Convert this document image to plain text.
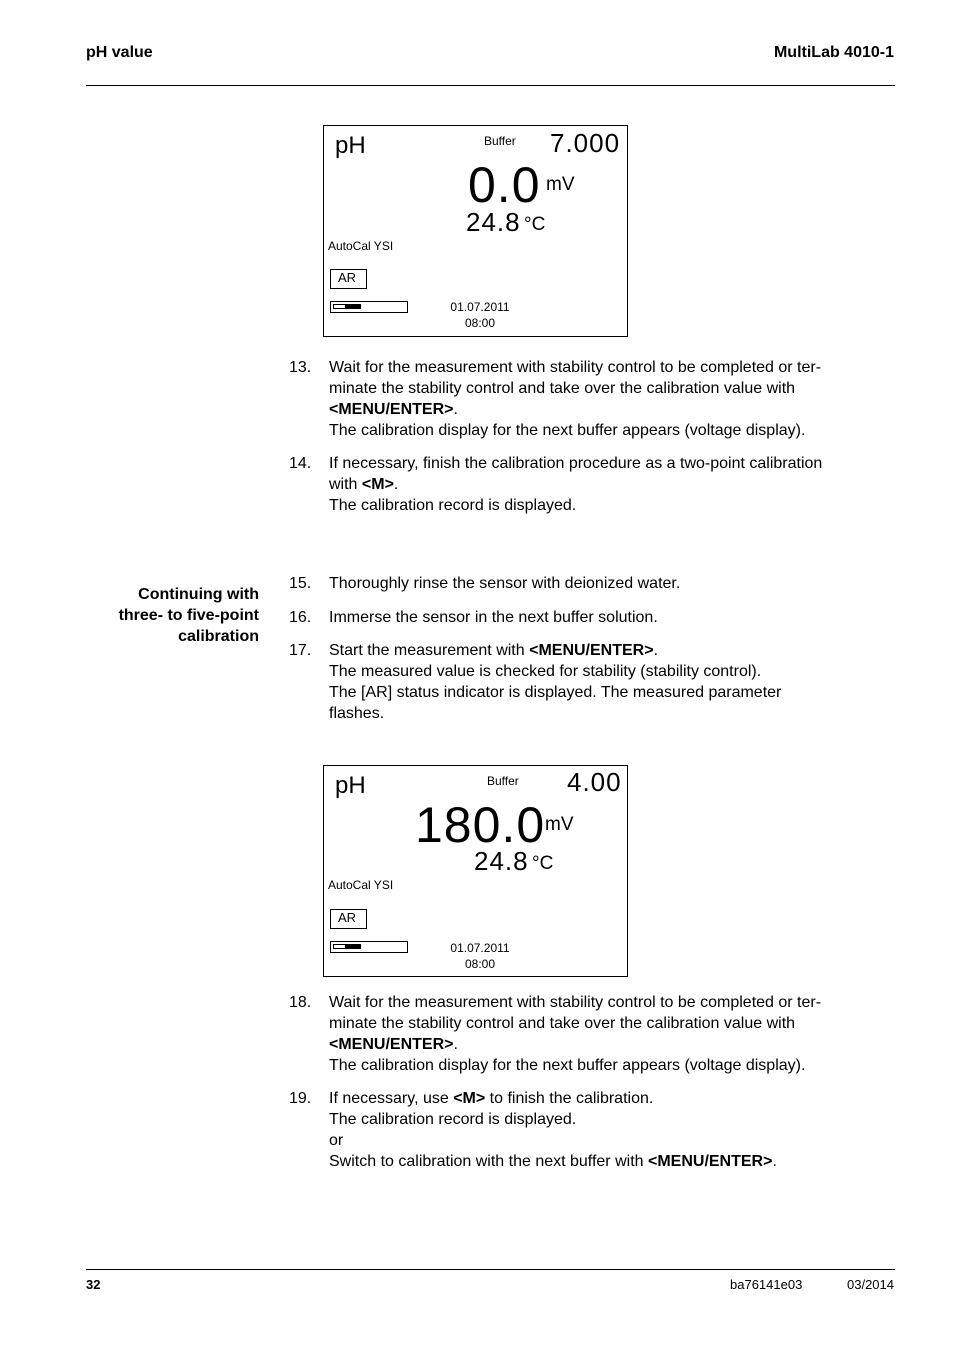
pH value	MultiLab 4010-1
pH	Buffer 7.000
0.0 mV
24.8 °C
AutoCal YSI
AR
01.07.2011
08:00
13. Wait for the measurement with stability control to be completed or ter-
minate the stability control and take over the calibration value with
<MENU/ENTER>.
The calibration display for the next buffer appears (voltage display).
14. If necessary, finish the calibration procedure as a two-point calibration
with <M>.
The calibration record is displayed.
Continuing with
three- to five-point
calibration
15. Thoroughly rinse the sensor with deionized water.
16. Immerse the sensor in the next buffer solution.
17. Start the measurement with <MENU/ENTER>.
The measured value is checked for stability (stability control).
The [AR] status indicator is displayed. The measured parameter
flashes.
pH	Buffer 4.00
180.0 mV
24.8 °C
AutoCal YSI
AR
01.07.2011
08:00
18. Wait for the measurement with stability control to be completed or ter-
minate the stability control and take over the calibration value with
<MENU/ENTER>.
The calibration display for the next buffer appears (voltage display).
19. If necessary, use <M> to finish the calibration.
The calibration record is displayed.
or
Switch to calibration with the next buffer with <MENU/ENTER>.
32	ba76141e03	03/2014
